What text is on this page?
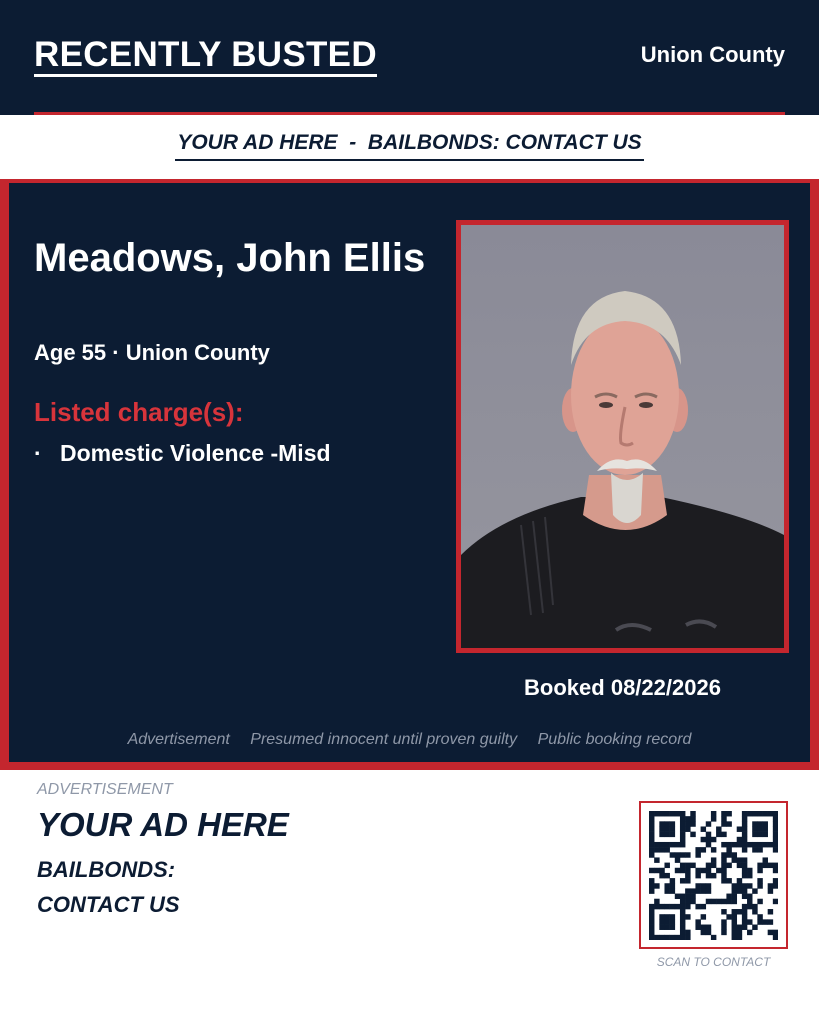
RECENTLY BUSTED	Union County
YOUR AD HERE  -  BAILBONDS: CONTACT US
Meadows, John Ellis
Age 55 · Union County
Listed charge(s):
· Domestic Violence -Misd
Booked 08/22/2026
Advertisement Presumed innocent until proven guilty Public booking record
ADVERTISEMENT
YOUR AD HERE
BAILBONDS:
CONTACT US
SCAN TO CONTACT
